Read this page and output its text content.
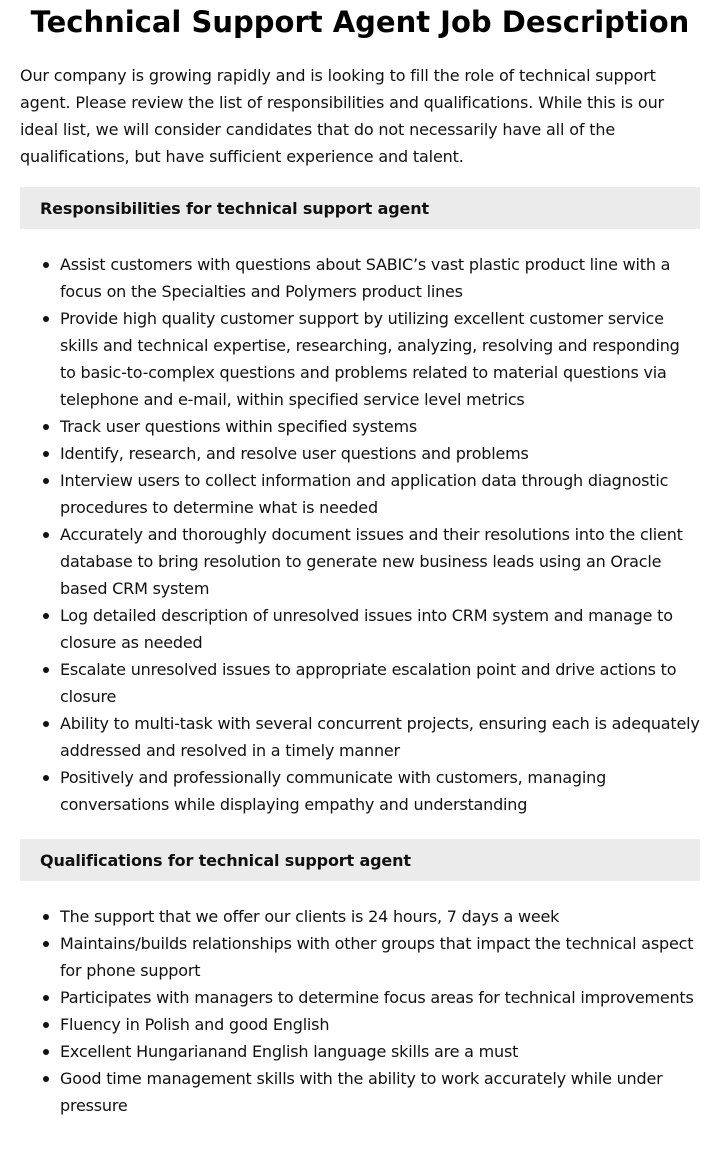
Technical Support Agent Job Description

Our company is growing rapidly and is looking to fill the role of technical support agent. Please review the list of responsibilities and qualifications. While this is our ideal list, we will consider candidates that do not necessarily have all of the qualifications, but have sufficient experience and talent.

Responsibilities for technical support agent
Assist customers with questions about SABIC’s vast plastic product line with a focus on the Specialties and Polymers product lines
Provide high quality customer support by utilizing excellent customer service skills and technical expertise, researching, analyzing, resolving and responding to basic-to-complex questions and problems related to material questions via telephone and e-mail, within specified service level metrics
Track user questions within specified systems
Identify, research, and resolve user questions and problems
Interview users to collect information and application data through diagnostic procedures to determine what is needed
Accurately and thoroughly document issues and their resolutions into the client database to bring resolution to generate new business leads using an Oracle based CRM system
Log detailed description of unresolved issues into CRM system and manage to closure as needed
Escalate unresolved issues to appropriate escalation point and drive actions to closure
Ability to multi-task with several concurrent projects, ensuring each is adequately addressed and resolved in a timely manner
Positively and professionally communicate with customers, managing conversations while displaying empathy and understanding
Qualifications for technical support agent
The support that we offer our clients is 24 hours, 7 days a week
Maintains/builds relationships with other groups that impact the technical aspect for phone support
Participates with managers to determine focus areas for technical improvements
Fluency in Polish and good English
Excellent Hungarianand English language skills are a must
Good time management skills with the ability to work accurately while under pressure
